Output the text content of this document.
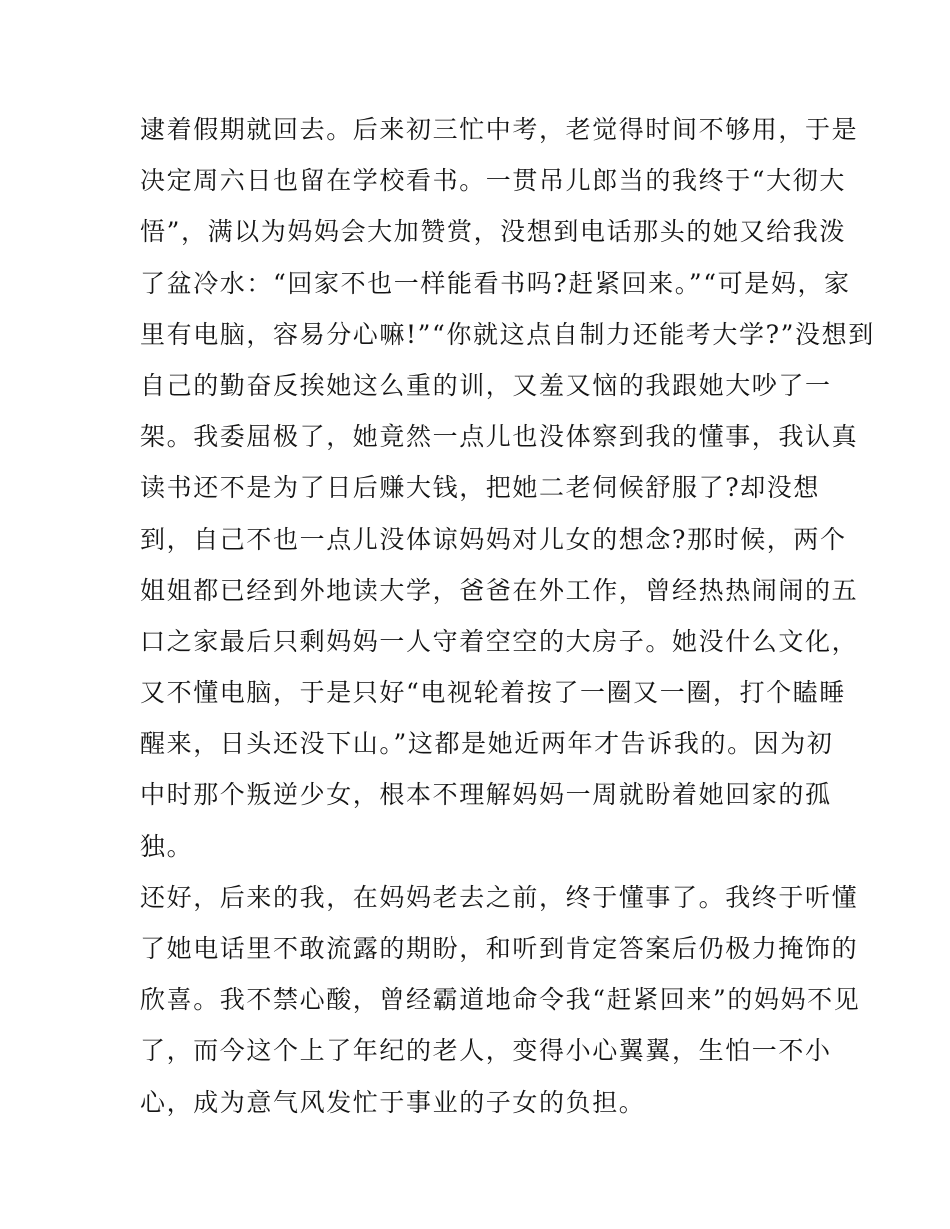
逮着假期就回去。后来初三忙中考，老觉得时间不够用，于是
决定周六日也留在学校看书。一贯吊儿郎当的我终于“大彻大
悟”，满以为妈妈会大加赞赏，没想到电话那头的她又给我泼
了盆冷水：“回家不也一样能看书吗?赶紧回来。”“可是妈，家
里有电脑，容易分心嘛!”“你就这点自制力还能考大学?”没想到
自己的勤奋反挨她这么重的训，又羞又恼的我跟她大吵了一
架。我委屈极了，她竟然一点儿也没体察到我的懂事，我认真
读书还不是为了日后赚大钱，把她二老伺候舒服了?却没想
到，自己不也一点儿没体谅妈妈对儿女的想念?那时候，两个
姐姐都已经到外地读大学，爸爸在外工作，曾经热热闹闹的五
口之家最后只剩妈妈一人守着空空的大房子。她没什么文化，
又不懂电脑，于是只好“电视轮着按了一圈又一圈，打个瞌睡
醒来，日头还没下山。”这都是她近两年才告诉我的。因为初
中时那个叛逆少女，根本不理解妈妈一周就盼着她回家的孤
独。
还好，后来的我，在妈妈老去之前，终于懂事了。我终于听懂
了她电话里不敢流露的期盼，和听到肯定答案后仍极力掩饰的
欣喜。我不禁心酸，曾经霸道地命令我“赶紧回来”的妈妈不见
了，而今这个上了年纪的老人，变得小心翼翼，生怕一不小
心，成为意气风发忙于事业的子女的负担。
